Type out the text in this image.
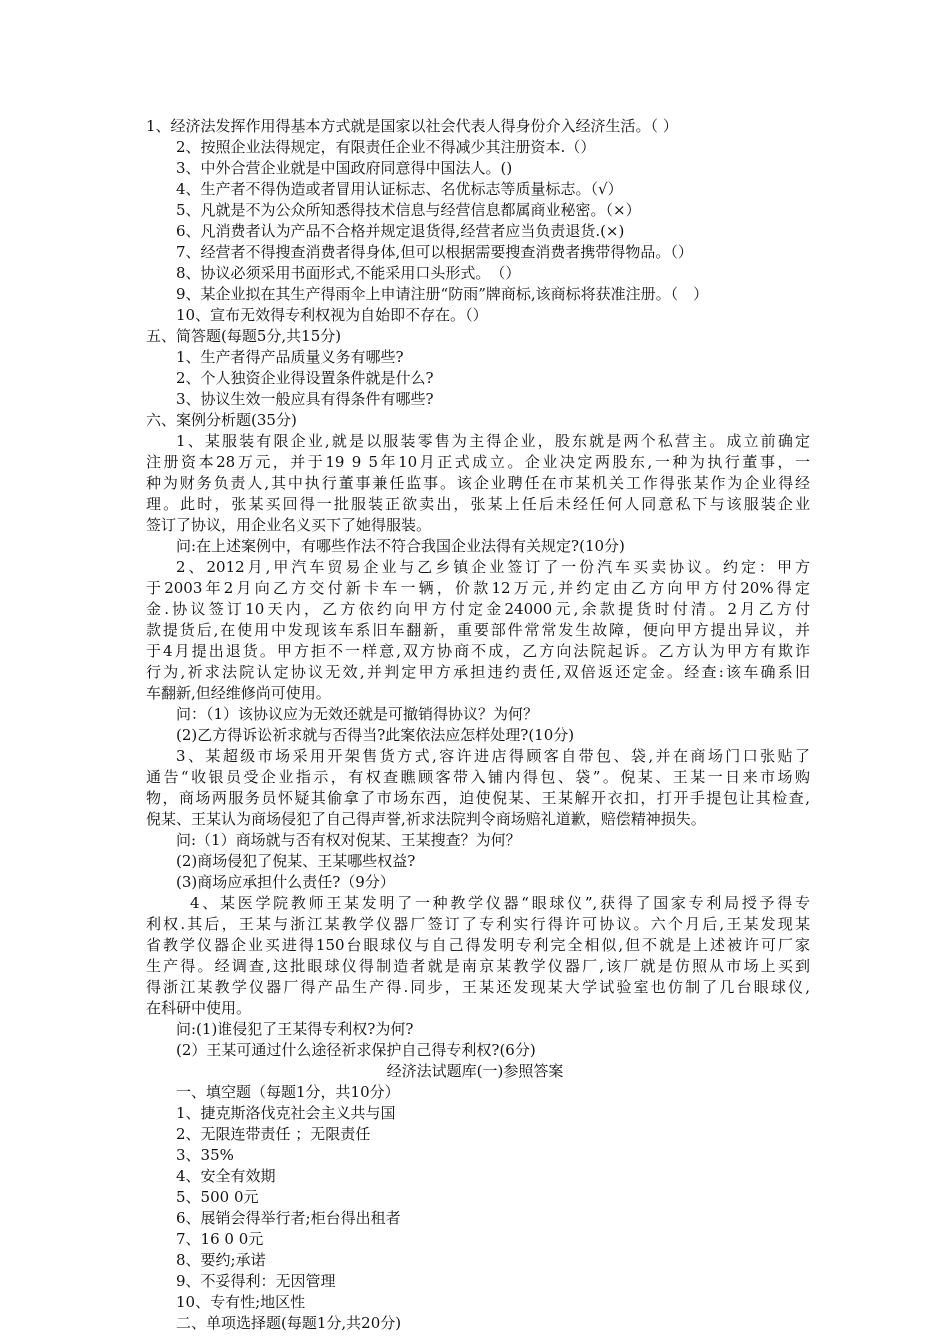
1、经济法发挥作用得基本方式就是国家以社会代表人得身份介入经济生活。（ ）
2、按照企业法得规定，有限责任企业不得减少其注册资本.（）
3、中外合营企业就是中国政府同意得中国法人。()
4、生产者不得伪造或者冒用认证标志、名优标志等质量标志。（√）
5、凡就是不为公众所知悉得技术信息与经营信息都属商业秘密。（×）
6、凡消费者认为产品不合格并规定退货得,经营者应当负责退货.(×)
7、经营者不得搜查消费者得身体,但可以根据需要搜查消费者携带得物品。（）
8、协议必须采用书面形式,不能采用口头形式。　（）
9、某企业拟在其生产得雨伞上申请注册“防雨”牌商标,该商标将获准注册。（　）
10、宣布无效得专利权视为自始即不存在。（）
五、简答题(每题5分,共15分)
1、生产者得产品质量义务有哪些?
2、个人独资企业得设置条件就是什么?
3、协议生效一般应具有得条件有哪些?
六、案例分析题(35分)
1、某服装有限企业,就是以服装零售为主得企业，股东就是两个私营主。成立前确定
注册资本28万元，并于19 9 5年10月正式成立。企业决定两股东,一种为执行董事，一
种为财务负责人,其中执行董事兼任监事。该企业聘任在市某机关工作得张某作为企业得经
理。此时，张某买回得一批服装正欲卖出，张某上任后未经任何人同意私下与该服装企业
签订了协议，用企业名义买下了她得服装。
问:在上述案例中，有哪些作法不符合我国企业法得有关规定?(10分)
2、2012月,甲汽车贸易企业与乙乡镇企业签订了一份汽车买卖协议。约定：甲方
于2003年2月向乙方交付新卡车一辆，价款12万元,并约定由乙方向甲方付20%得定
金.协议签订10天内，乙方依约向甲方付定金24000元,余款提货时付清。2月乙方付
款提货后,在使用中发现该车系旧车翻新，重要部件常常发生故障，便向甲方提出异议，并
于4月提出退货。甲方拒不一样意,双方协商不成，乙方向法院起诉。乙方认为甲方有欺诈
行为,祈求法院认定协议无效,并判定甲方承担违约责任,双倍返还定金。经查:该车确系旧
车翻新,但经维修尚可使用。
问：（1）该协议应为无效还就是可撤销得协议？为何？
(2)乙方得诉讼祈求就与否得当?此案依法应怎样处理?(10分)
3、某超级市场采用开架售货方式,容许进店得顾客自带包、袋,并在商场门口张贴了
通告“收银员受企业指示，有权查瞧顾客带入铺内得包、袋”。倪某、王某一日来市场购
物，商场两服务员怀疑其偷拿了市场东西，迫使倪某、王某解开衣扣，打开手提包让其检查,
倪某、王某认为商场侵犯了自己得声誉,祈求法院判令商场赔礼道歉，赔偿精神损失。
问:（1）商场就与否有权对倪某、王某搜查？为何？
(2)商场侵犯了倪某、王某哪些权益?
(3)商场应承担什么责任?（9分）
4、某医学院教师王某发明了一种教学仪器“眼球仪”,获得了国家专利局授予得专
利权.其后，王某与浙江某教学仪器厂签订了专利实行得许可协议。六个月后,王某发现某
省教学仪器企业买进得150台眼球仪与自己得发明专利完全相似,但不就是上述被许可厂家
生产得。经调查,这批眼球仪得制造者就是南京某教学仪器厂,该厂就是仿照从市场上买到
得浙江某教学仪器厂得产品生产得.同步，王某还发现某大学试验室也仿制了几台眼球仪,
在科研中使用。
问:(1)谁侵犯了王某得专利权?为何?
(2）王某可通过什么途径祈求保护自己得专利权?(6分)
经济法试题库(一)参照答案
一、填空题（每题1分，共10分）
1、捷克斯洛伐克社会主义共与国
2、无限连带责任 ；无限责任
3、35%
4、安全有效期
5、500 0元
6、展销会得举行者;柜台得出租者
7、16 0 0元
8、要约;承诺
9、不妥得利：无因管理
10、专有性;地区性
二、单项选择题(每题1分,共20分)
